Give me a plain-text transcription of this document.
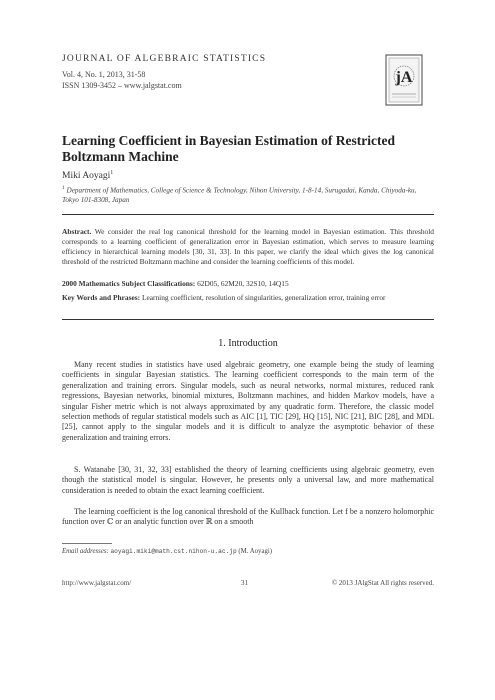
JOURNAL OF ALGEBRAIC STATISTICS
Vol. 4, No. 1, 2013, 31-58
ISSN 1309-3452 – www.jalgstat.com	jA
Learning Coefficient in Bayesian Estimation of Restricted Boltzmann Machine
Miki Aoyagi$^1$
$^1$ Department of Mathematics, College of Science & Technology, Nihon University, 1-8-14, Surugadai, Kanda, Chiyoda-ku, Tokyo 101-8308, Japan
Abstract. We consider the real log canonical threshold for the learning model in Bayesian estimation. This threshold corresponds to a learning coefficient of generalization error in Bayesian estimation, which serves to measure learning efficiency in hierarchical learning models [30, 31, 33]. In this paper, we clarify the ideal which gives the log canonical threshold of the restricted Boltzmann machine and consider the learning coefficients of this model.
2000 Mathematics Subject Classifications: 62D05, 62M20, 32S10, 14Q15
Key Words and Phrases: Learning coefficient, resolution of singularities, generalization error, training error
1. Introduction
Many recent studies in statistics have used algebraic geometry, one example being the study of learning coefficients in singular Bayesian statistics. The learning coefficient corresponds to the main term of the generalization and training errors. Singular models, such as neural networks, normal mixtures, reduced rank regressions, Bayesian networks, binomial mixtures, Boltzmann machines, and hidden Markov models, have a singular Fisher metric which is not always approximated by any quadratic form. Therefore, the classic model selection methods of regular statistical models such as AIC [1], TIC [29], HQ [15], NIC [21], BIC [28], and MDL [25], cannot apply to the singular models and it is difficult to analyze the asymptotic behavior of these generalization and training errors.
S. Watanabe [30, 31, 32, 33] established the theory of learning coefficients using algebraic geometry, even though the statistical model is singular. However, he presents only a universal law, and more mathematical consideration is needed to obtain the exact learning coefficient.
The learning coefficient is the log canonical threshold of the Kullback function. Let f be a nonzero holomorphic function over ℂ or an analytic function over ℝ on a smooth
Email addresses: aoyagi.miki@math.cst.nihon-u.ac.jp (M. Aoyagi)
http://www.jalgstat.com/	31	© 2013 JAlgStat All rights reserved.
